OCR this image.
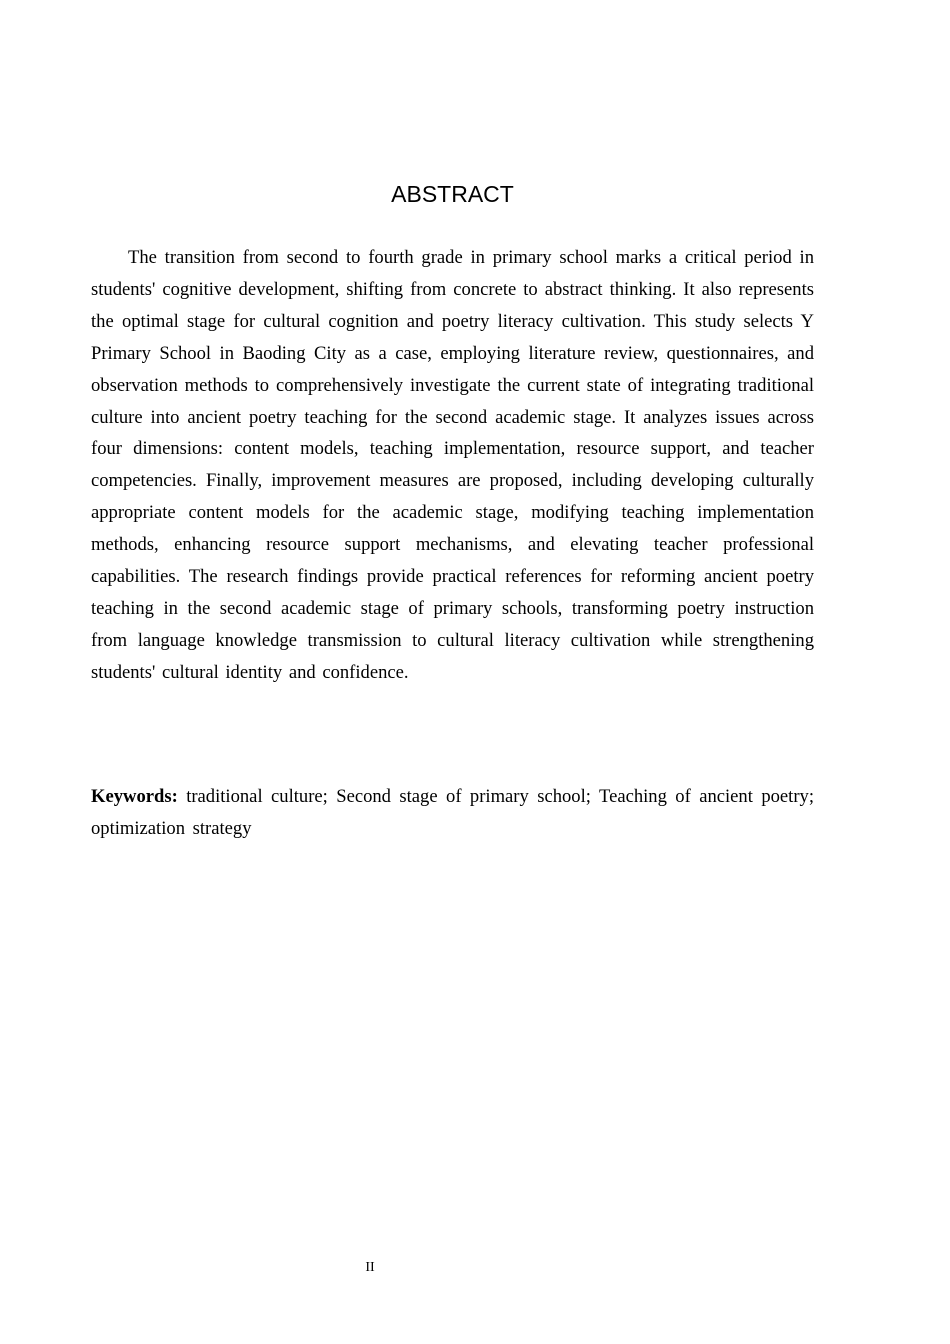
ABSTRACT

The transition from second to fourth grade in primary school marks a critical period in students' cognitive development, shifting from concrete to abstract thinking. It also represents the optimal stage for cultural cognition and poetry literacy cultivation. This study selects Y Primary School in Baoding City as a case, employing literature review, questionnaires, and observation methods to comprehensively investigate the current state of integrating traditional culture into ancient poetry teaching for the second academic stage. It analyzes issues across four dimensions: content models, teaching implementation, resource support, and teacher competencies. Finally, improvement measures are proposed, including developing culturally appropriate content models for the academic stage, modifying teaching implementation methods, enhancing resource support mechanisms, and elevating teacher professional capabilities. The research findings provide practical references for reforming ancient poetry teaching in the second academic stage of primary schools, transforming poetry instruction from language knowledge transmission to cultural literacy cultivation while strengthening students' cultural identity and confidence.

Keywords: traditional culture; Second stage of primary school; Teaching of ancient poetry; optimization strategy

II
